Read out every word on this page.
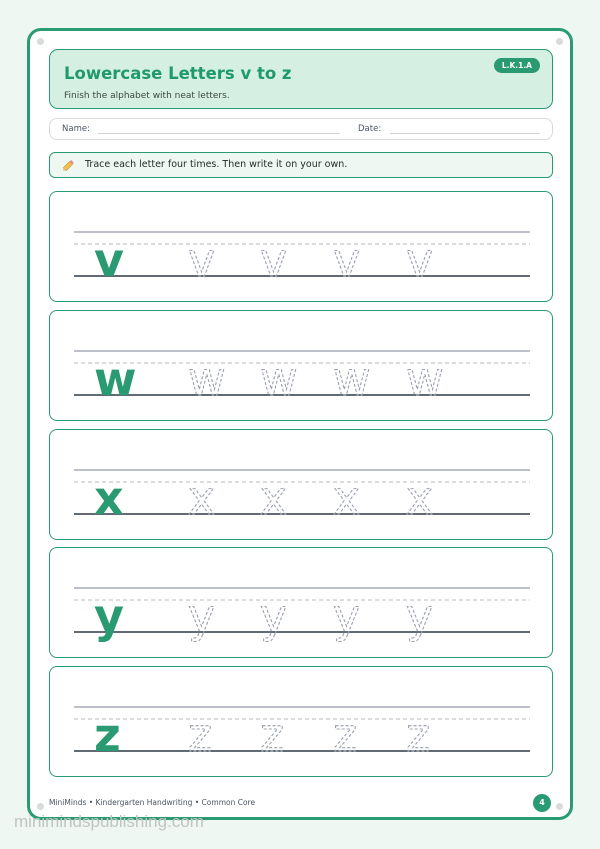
Lowercase Letters v to z
Finish the alphabet with neat letters.
L.K.1.A
Name:	Date:
Trace each letter four times. Then write it on your own.
MiniMinds • Kindergarten Handwriting • Common Core	4
v v v v v
w w w w w
x x x x x
y y y y y
z z z z z
minimindspublishing.com
